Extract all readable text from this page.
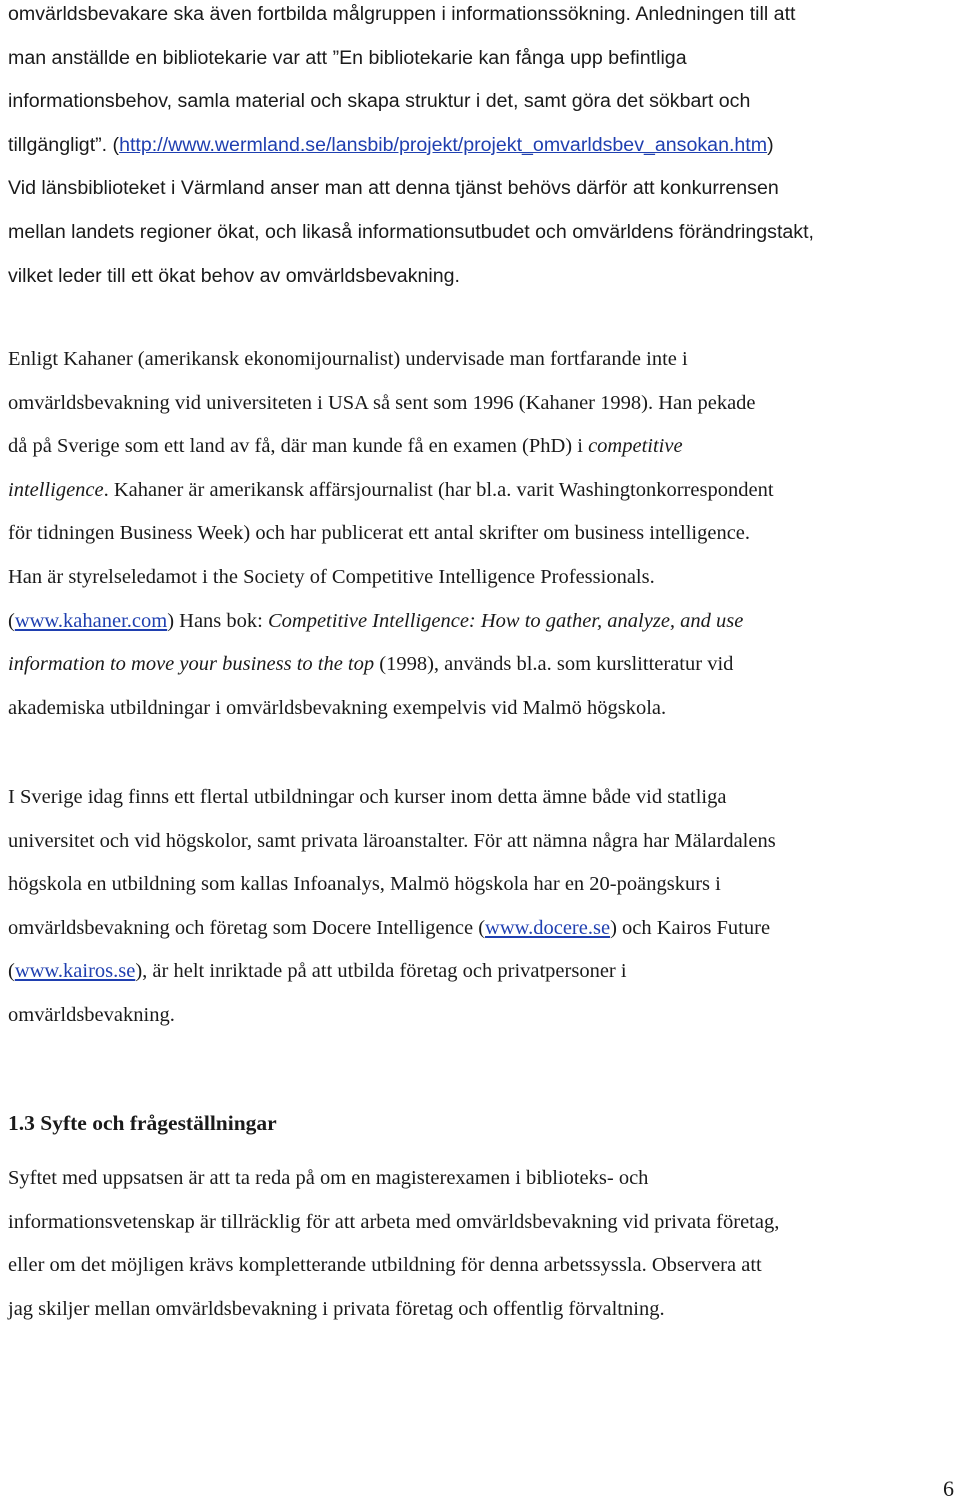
omvärldsbevakare ska även fortbilda målgruppen i informationssökning. Anledningen till att
man anställde en bibliotekarie var att ”En bibliotekarie kan fånga upp befintliga
informationsbehov, samla material och skapa struktur i det, samt göra det sökbart och
tillgängligt”. (http://www.wermland.se/lansbib/projekt/projekt_omvarldsbev_ansokan.htm)
Vid länsbiblioteket i Värmland anser man att denna tjänst behövs därför att konkurrensen
mellan landets regioner ökat, och likaså informationsutbudet och omvärldens förändringstakt,
vilket leder till ett ökat behov av omvärldsbevakning.
Enligt Kahaner (amerikansk ekonomijournalist) undervisade man fortfarande inte i
omvärldsbevakning vid universiteten i USA så sent som 1996 (Kahaner 1998). Han pekade
då på Sverige som ett land av få, där man kunde få en examen (PhD) i competitive
intelligence. Kahaner är amerikansk affärsjournalist (har bl.a. varit Washingtonkorrespondent
för tidningen Business Week) och har publicerat ett antal skrifter om business intelligence.
Han är styrelseledamot i the Society of Competitive Intelligence Professionals.
(www.kahaner.com) Hans bok: Competitive Intelligence: How to gather, analyze, and use
information to move your business to the top (1998), används bl.a. som kurslitteratur vid
akademiska utbildningar i omvärldsbevakning exempelvis vid Malmö högskola.
I Sverige idag finns ett flertal utbildningar och kurser inom detta ämne både vid statliga
universitet och vid högskolor, samt privata läroanstalter. För att nämna några har Mälardalens
högskola en utbildning som kallas Infoanalys, Malmö högskola har en 20-poängskurs i
omvärldsbevakning och företag som Docere Intelligence (www.docere.se) och Kairos Future
(www.kairos.se), är helt inriktade på att utbilda företag och privatpersoner i
omvärldsbevakning.
1.3 Syfte och frågeställningar
Syftet med uppsatsen är att ta reda på om en magisterexamen i biblioteks- och
informationsvetenskap är tillräcklig för att arbeta med omvärldsbevakning vid privata företag,
eller om det möjligen krävs kompletterande utbildning för denna arbetssyssla. Observera att
jag skiljer mellan omvärldsbevakning i privata företag och offentlig förvaltning.
6
